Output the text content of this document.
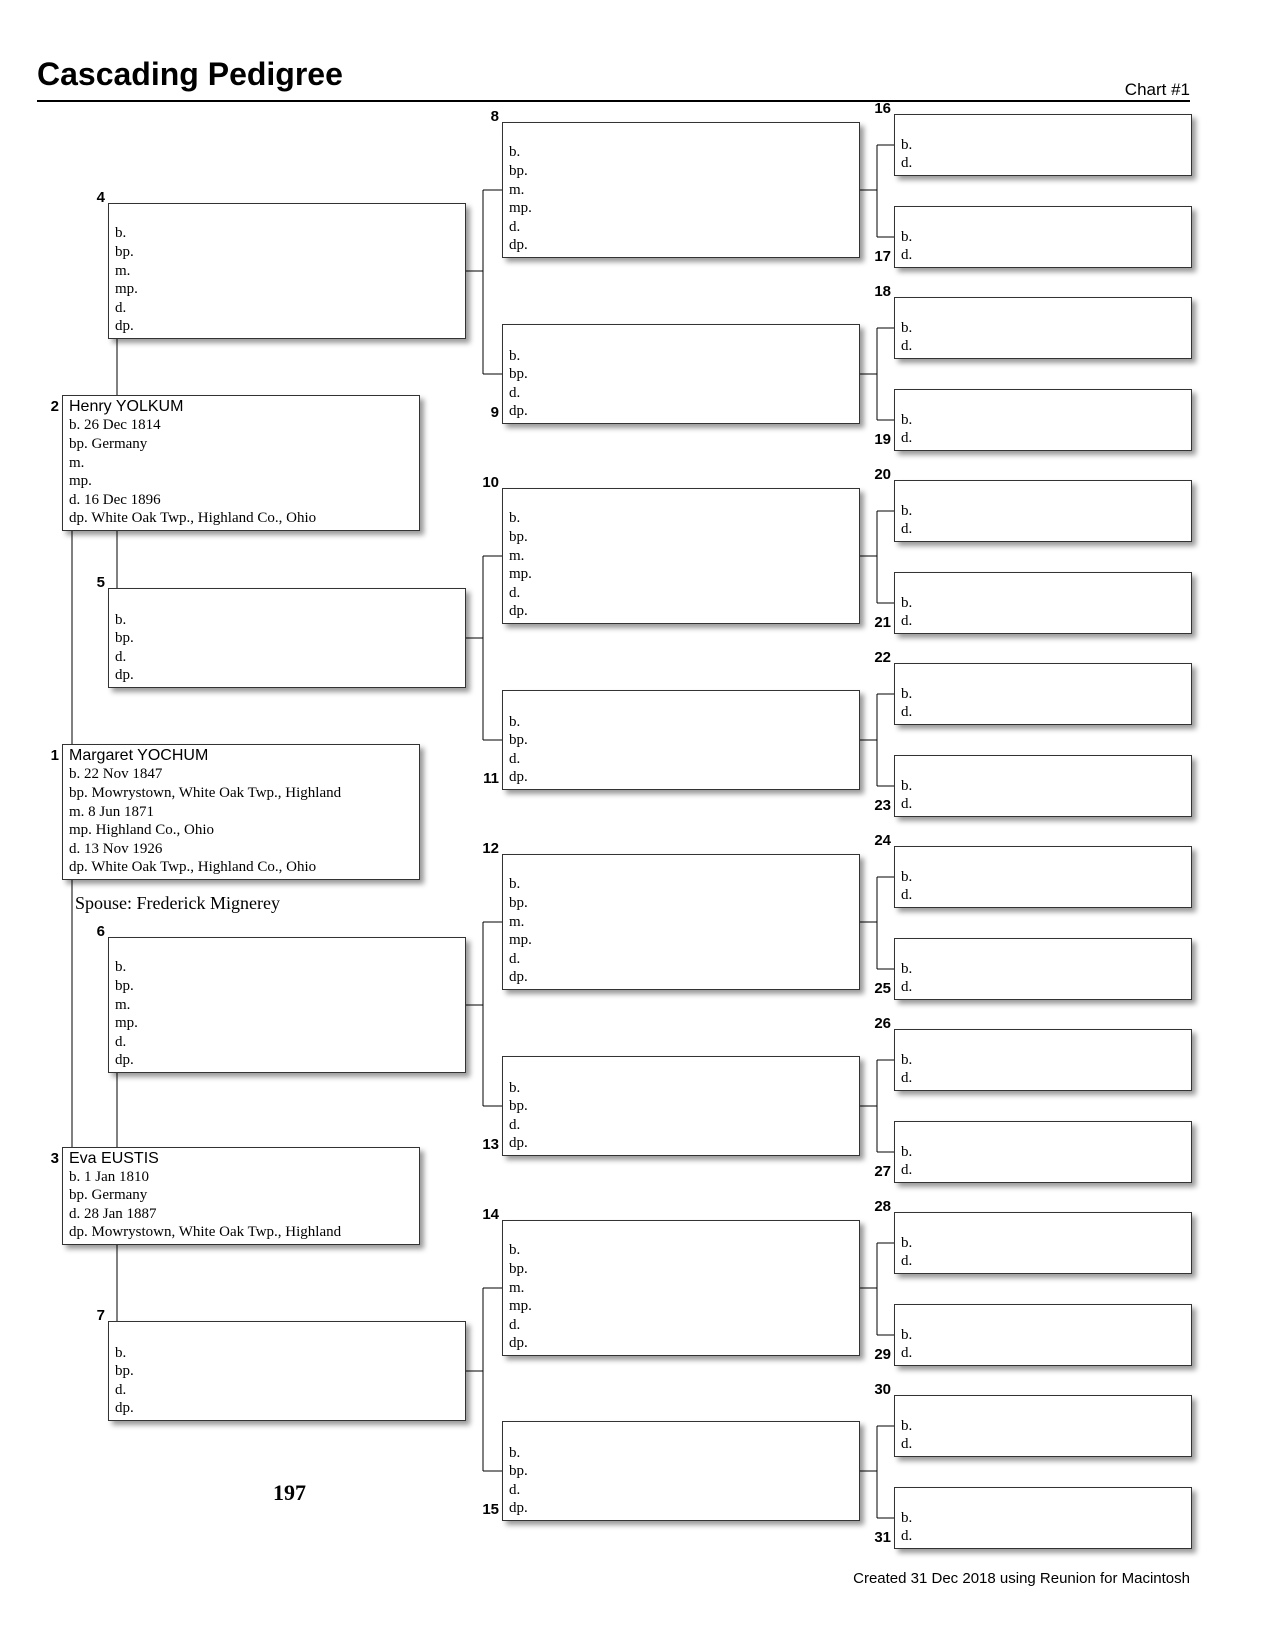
Cascading Pedigree	Chart #1
Margaret YOCHUM
b. 22 Nov 1847
bp. Mowrystown, White Oak Twp., Highland
m. 8 Jun 1871
mp. Highland Co., Ohio
d. 13 Nov 1926
dp. White Oak Twp., Highland Co., Ohio
1
Henry YOLKUM
b. 26 Dec 1814
bp. Germany
m.
mp.
d. 16 Dec 1896
dp. White Oak Twp., Highland Co., Ohio
2
Eva EUSTIS
b. 1 Jan 1810
bp. Germany
d. 28 Jan 1887
dp. Mowrystown, White Oak Twp., Highland
3
b.
bp.
m.
mp.
d.
dp.
4
b.
bp.
d.
dp.
5
b.
bp.
m.
mp.
d.
dp.
6
b.
bp.
d.
dp.
7
b.
bp.
m.
mp.
d.
dp.
8
b.
bp.
d.
dp.
9
b.
bp.
m.
mp.
d.
dp.
10
b.
bp.
d.
dp.
11
b.
bp.
m.
mp.
d.
dp.
12
b.
bp.
d.
dp.
13
b.
bp.
m.
mp.
d.
dp.
14
b.
bp.
d.
dp.
15
b.
d.
16
b.
d.
17
b.
d.
18
b.
d.
19
b.
d.
20
b.
d.
21
b.
d.
22
b.
d.
23
b.
d.
24
b.
d.
25
b.
d.
26
b.
d.
27
b.
d.
28
b.
d.
29
b.
d.
30
b.
d.
31
Spouse: Frederick Mignerey
197
Created 31 Dec 2018 using Reunion for Macintosh
